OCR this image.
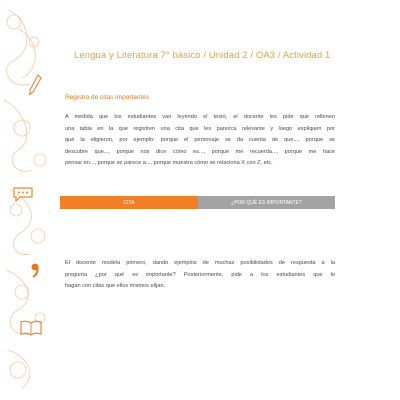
Lengua y Literatura 7° básico / Unidad 2 / OA3 / Actividad 1
Registro de citas importantes
A medida que los estudiantes van leyendo el texto, el docente les pide que rellenen
una tabla en la que registren una cita que les parezca relevante y luego expliquen por
qué la eligieron, por ejemplo: porque el personaje se da cuenta de que..., porque se
descubre que..., porque nos dice cómo es..., porque me recuerda..., porque me hace
pensar en..., porque se parece a..., porque muestra cómo se relaciona X con Z, etc.
CITA	¿POR QUÉ ES IMPORTANTE?
El docente modela primero, dando ejemplos de muchas posibilidades de respuesta a la
pregunta ¿por qué es importante? Posteriormente, pide a los estudiantes que lo
hagan con citas que ellos mismos elijan.
